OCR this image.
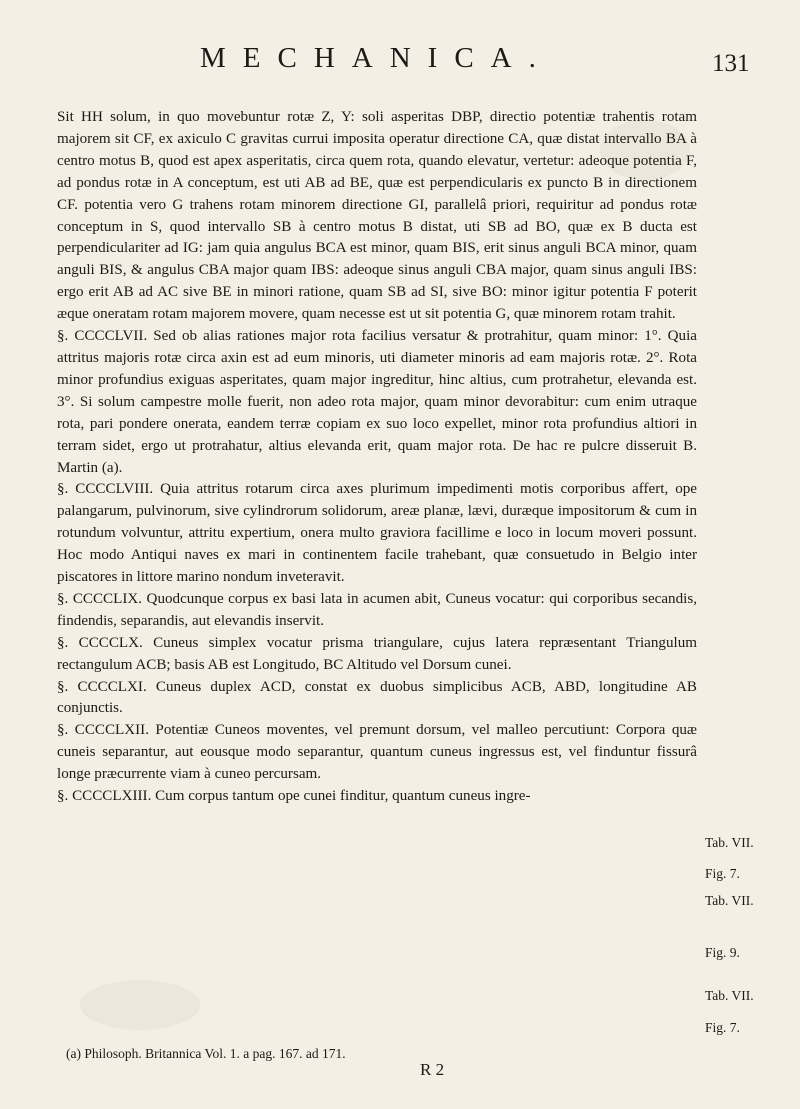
MECHANICA.	131

Sit HH solum, in quo movebuntur rotæ Z, Y: soli asperitas DBP, directio potentiæ trahentis rotam majorem sit CF, ex axiculo C gravitas currui imposita operatur directione CA, quæ distat intervallo BA à centro motus B, quod est apex asperitatis, circa quem rota, quando elevatur, vertetur: adeoque potentia F, ad pondus rotæ in A conceptum, est uti AB ad BE, quæ est perpendicularis ex puncto B in directionem CF. potentia vero G trahens rotam minorem directione GI, parallelâ priori, requiritur ad pondus rotæ conceptum in S, quod intervallo SB à centro motus B distat, uti SB ad BO, quæ ex B ducta est perpendiculariter ad IG: jam quia angulus BCA est minor, quam BIS, erit sinus anguli BCA minor, quam anguli BIS, & angulus CBA major quam IBS: adeoque sinus anguli CBA major, quam sinus anguli IBS: ergo erit AB ad AC sive BE in minori ratione, quam SB ad SI, sive BO: minor igitur potentia F poterit æque oneratam rotam majorem movere, quam necesse est ut sit potentia G, quæ minorem rotam trahit.

§. CCCCLVII. Sed ob alias rationes major rota facilius versatur & protrahitur, quam minor: 1°. Quia attritus majoris rotæ circa axin est ad eum minoris, uti diameter minoris ad eam majoris rotæ. 2°. Rota minor profundius exiguas asperitates, quam major ingreditur, hinc altius, cum protrahetur, elevanda est. 3°. Si solum campestre molle fuerit, non adeo rota major, quam minor devorabitur: cum enim utraque rota, pari pondere onerata, eandem terræ copiam ex suo loco expellet, minor rota profundius altiori in terram sidet, ergo ut protrahatur, altius elevanda erit, quam major rota. De hac re pulcre disseruit B. Martin (a).

§. CCCCLVIII. Quia attritus rotarum circa axes plurimum impedimenti motis corporibus affert, ope palangarum, pulvinorum, sive cylindrorum solidorum, areæ planæ, lævi, duræque impositorum & cum in rotundum volvuntur, attritu expertium, onera multo graviora facillime e loco in locum moveri possunt. Hoc modo Antiqui naves ex mari in continentem facile trahebant, quæ consuetudo in Belgio inter piscatores in littore marino nondum inveteravit.

§. CCCCLIX. Quodcunque corpus ex basi lata in acumen abit, Cuneus vocatur: qui corporibus secandis, findendis, separandis, aut elevandis inservit.

§. CCCCLX. Cuneus simplex vocatur prisma triangulare, cujus latera repræsentant Triangulum rectangulum ACB; basis AB est Longitudo, BC Altitudo vel Dorsum cunei.

§. CCCCLXI. Cuneus duplex ACD, constat ex duobus simplicibus ACB, ABD, longitudine AB conjunctis.

§. CCCCLXII. Potentiæ Cuneos moventes, vel premunt dorsum, vel malleo percutiunt: Corpora quæ cuneis separantur, aut eousque modo separantur, quantum cuneus ingressus est, vel finduntur fissurâ longe præcurrente viam à cuneo percursam.

§. CCCCLXIII. Cum corpus tantum ope cunei finditur, quantum cuneus ingre-

Tab. VII.
Fig. 7.
Tab. VII.
Fig. 9.
Tab. VII.
Fig. 7.
(a) Philosoph. Britannica Vol. 1. a pag. 167. ad 171.
R 2
